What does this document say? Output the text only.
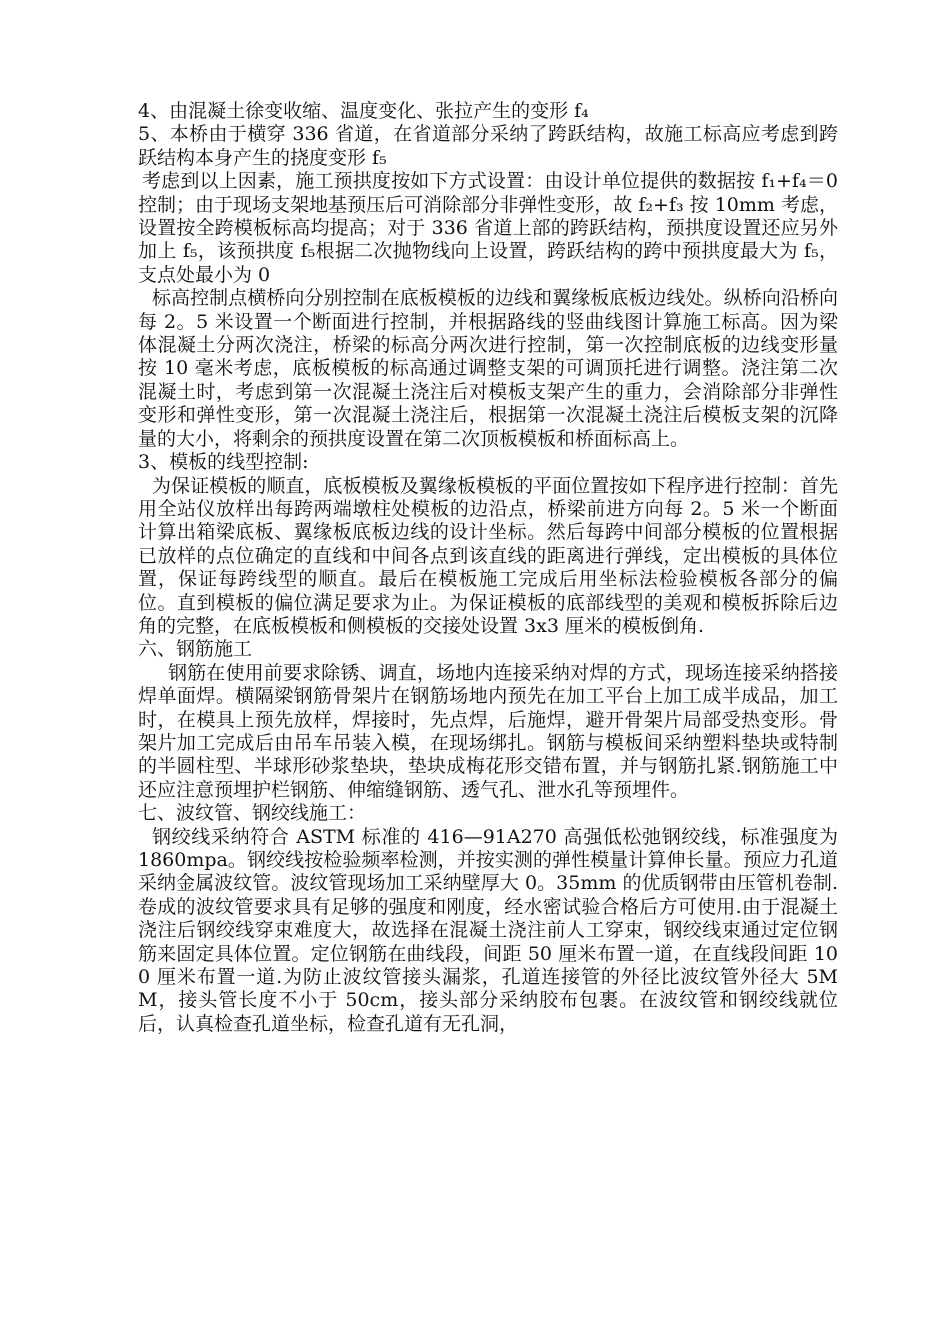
4、由混凝土徐变收缩、温度变化、张拉产生的变形 f₄

5、本桥由于横穿 336 省道，在省道部分采纳了跨跃结构，故施工标高应考虑到跨跃结构本身产生的挠度变形 f₅

考虑到以上因素，施工预拱度按如下方式设置：由设计单位提供的数据按 f₁+f₄＝0 控制；由于现场支架地基预压后可消除部分非弹性变形，故 f₂+f₃ 按 10mm 考虑，设置按全跨模板标高均提高；对于 336 省道上部的跨跃结构，预拱度设置还应另外加上 f₅，该预拱度 f₅根据二次抛物线向上设置，跨跃结构的跨中预拱度最大为 f₅，支点处最小为 0

标高控制点横桥向分别控制在底板模板的边线和翼缘板底板边线处。纵桥向沿桥向每 2。5 米设置一个断面进行控制，并根据路线的竖曲线图计算施工标高。因为梁体混凝土分两次浇注，桥梁的标高分两次进行控制，第一次控制底板的边线变形量按 10 毫米考虑，底板模板的标高通过调整支架的可调顶托进行调整。浇注第二次混凝土时，考虑到第一次混凝土浇注后对模板支架产生的重力，会消除部分非弹性变形和弹性变形，第一次混凝土浇注后，根据第一次混凝土浇注后模板支架的沉降量的大小，将剩余的预拱度设置在第二次顶板模板和桥面标高上。

3、模板的线型控制:

为保证模板的顺直，底板模板及翼缘板模板的平面位置按如下程序进行控制：首先用全站仪放样出每跨两端墩柱处模板的边沿点，桥梁前进方向每 2。5 米一个断面计算出箱梁底板、翼缘板底板边线的设计坐标。然后每跨中间部分模板的位置根据已放样的点位确定的直线和中间各点到该直线的距离进行弹线，定出模板的具体位置，保证每跨线型的顺直。最后在模板施工完成后用坐标法检验模板各部分的偏位。直到模板的偏位满足要求为止。为保证模板的底部线型的美观和模板拆除后边角的完整，在底板模板和侧模板的交接处设置 3x3 厘米的模板倒角.

六、钢筋施工

钢筋在使用前要求除锈、调直，场地内连接采纳对焊的方式，现场连接采纳搭接焊单面焊。横隔梁钢筋骨架片在钢筋场地内预先在加工平台上加工成半成品，加工时，在模具上预先放样，焊接时，先点焊，后施焊，避开骨架片局部受热变形。骨架片加工完成后由吊车吊装入模，在现场绑扎。钢筋与模板间采纳塑料垫块或特制的半圆柱型、半球形砂浆垫块，垫块成梅花形交错布置，并与钢筋扎紧.钢筋施工中还应注意预埋护栏钢筋、伸缩缝钢筋、透气孔、泄水孔等预埋件。

七、波纹管、钢绞线施工：

钢绞线采纳符合 ASTM 标准的 416—91A270 高强低松弛钢绞线，标准强度为 1860mpa。钢绞线按检验频率检测，并按实测的弹性模量计算伸长量。预应力孔道采纳金属波纹管。波纹管现场加工采纳壁厚大 0。35mm 的优质钢带由压管机卷制.卷成的波纹管要求具有足够的强度和刚度，经水密试验合格后方可使用.由于混凝土浇注后钢绞线穿束难度大，故选择在混凝土浇注前人工穿束，钢绞线束通过定位钢筋来固定具体位置。定位钢筋在曲线段，间距 50 厘米布置一道，在直线段间距 100 厘米布置一道.为防止波纹管接头漏浆，孔道连接管的外径比波纹管外径大 5MM，接头管长度不小于 50cm，接头部分采纳胶布包裹。在波纹管和钢绞线就位后，认真检查孔道坐标，检查孔道有无孔洞，
